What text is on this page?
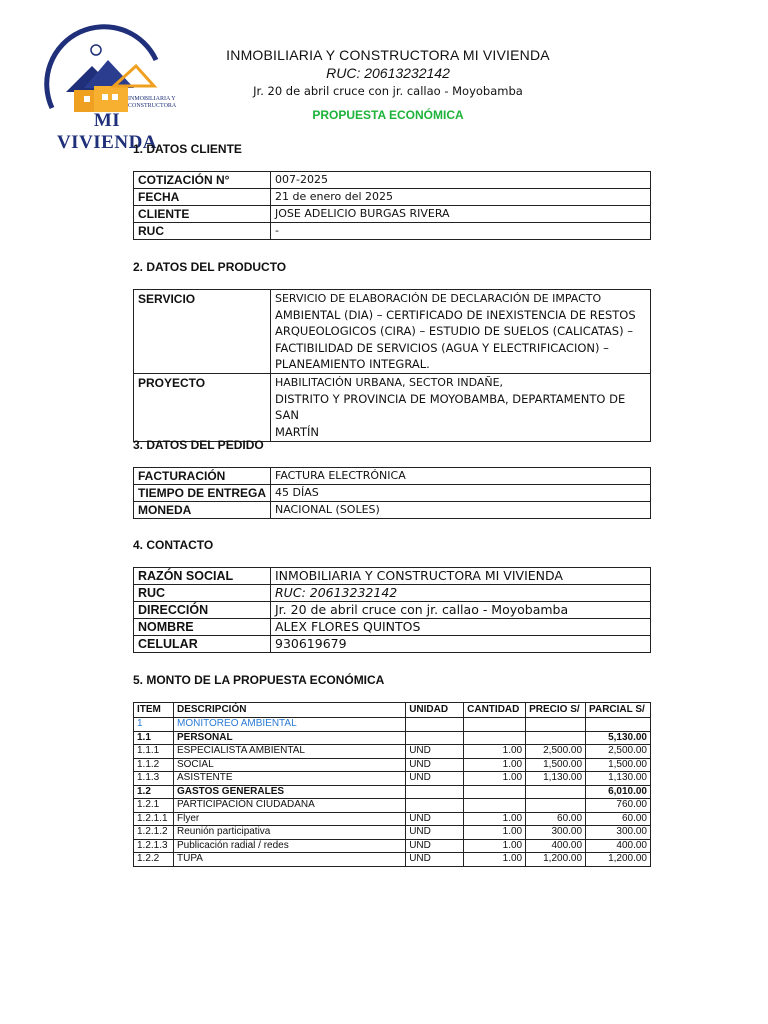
INMOBILIARIA Y
CONSTRUCTORA
MI VIVIENDA
INMOBILIARIA Y CONSTRUCTORA MI VIVIENDA
RUC: 20613232142
Jr. 20 de abril cruce con jr. callao - Moyobamba
PROPUESTA ECONÓMICA
1. DATOS CLIENTE
COTIZACIÓN N°	007-2025
FECHA	21 de enero del 2025
CLIENTE	JOSE ADELICIO BURGAS RIVERA
RUC	-
2. DATOS DEL PRODUCTO
SERVICIO	SERVICIO DE ELABORACIÓN DE DECLARACIÓN DE IMPACTO
AMBIENTAL (DIA) – CERTIFICADO DE INEXISTENCIA DE RESTOS
ARQUEOLOGICOS (CIRA) – ESTUDIO DE SUELOS (CALICATAS) –
FACTIBILIDAD DE SERVICIOS (AGUA Y ELECTRIFICACION) –
PLANEAMIENTO INTEGRAL.

PROYECTO	HABILITACIÓN URBANA, SECTOR INDAÑE,
DISTRITO Y PROVINCIA DE MOYOBAMBA, DEPARTAMENTO DE SAN
MARTÍN
3. DATOS DEL PEDIDO
FACTURACIÓN	FACTURA ELECTRÓNICA
TIEMPO DE ENTREGA	45 DÍAS
MONEDA	NACIONAL (SOLES)
4. CONTACTO
RAZÓN SOCIAL	INMOBILIARIA Y CONSTRUCTORA MI VIVIENDA
RUC	RUC: 20613232142
DIRECCIÓN	Jr. 20 de abril cruce con jr. callao - Moyobamba
NOMBRE	ALEX FLORES QUINTOS
CELULAR	930619679
5. MONTO DE LA PROPUESTA ECONÓMICA
ITEM	DESCRIPCIÓN	UNIDAD	CANTIDAD	PRECIO S/	PARCIAL S/
1	MONITOREO AMBIENTAL				
1.1	PERSONAL				5,130.00
1.1.1	ESPECIALISTA AMBIENTAL	UND	1.00	2,500.00	2,500.00
1.1.2	SOCIAL	UND	1.00	1,500.00	1,500.00
1.1.3	ASISTENTE	UND	1.00	1,130.00	1,130.00
1.2	GASTOS GENERALES				6,010.00
1.2.1	PARTICIPACIÓN CIUDADANA				760.00
1.2.1.1	Flyer	UND	1.00	60.00	60.00
1.2.1.2	Reunión participativa	UND	1.00	300.00	300.00
1.2.1.3	Publicación radial / redes	UND	1.00	400.00	400.00
1.2.2	TUPA	UND	1.00	1,200.00	1,200.00
